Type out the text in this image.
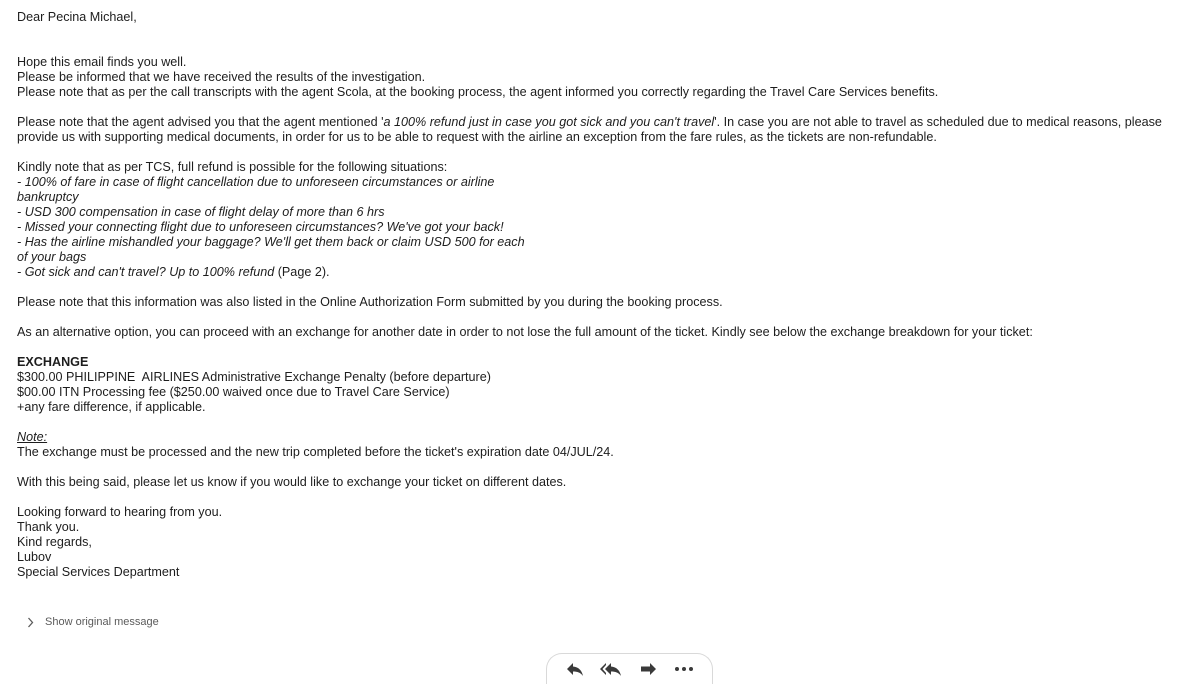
Dear Pecina Michael,
Hope this email finds you well.
Please be informed that we have received the results of the investigation.
Please note that as per the call transcripts with the agent Scola, at the booking process, the agent informed you correctly regarding the Travel Care Services benefits.
Please note that the agent advised you that the agent mentioned 'a 100% refund just in case you got sick and you can't travel'. In case you are not able to travel as scheduled due to medical reasons, please
provide us with supporting medical documents, in order for us to be able to request with the airline an exception from the fare rules, as the tickets are non-refundable.
Kindly note that as per TCS, full refund is possible for the following situations:
- 100% of fare in case of flight cancellation due to unforeseen circumstances or airline
bankruptcy
- USD 300 compensation in case of flight delay of more than 6 hrs
- Missed your connecting flight due to unforeseen circumstances? We've got your back!
- Has the airline mishandled your baggage? We'll get them back or claim USD 500 for each
of your bags
- Got sick and can't travel? Up to 100% refund (Page 2).
Please note that this information was also listed in the Online Authorization Form submitted by you during the booking process.
As an alternative option, you can proceed with an exchange for another date in order to not lose the full amount of the ticket. Kindly see below the exchange breakdown for your ticket:
EXCHANGE
$300.00 PHILIPPINE  AIRLINES Administrative Exchange Penalty (before departure)
$00.00 ITN Processing fee ($250.00 waived once due to Travel Care Service)
+any fare difference, if applicable.
Note:
The exchange must be processed and the new trip completed before the ticket's expiration date 04/JUL/24.
With this being said, please let us know if you would like to exchange your ticket on different dates.
Looking forward to hearing from you.
Thank you.
Kind regards,
Lubov
Special Services Department
Show original message
